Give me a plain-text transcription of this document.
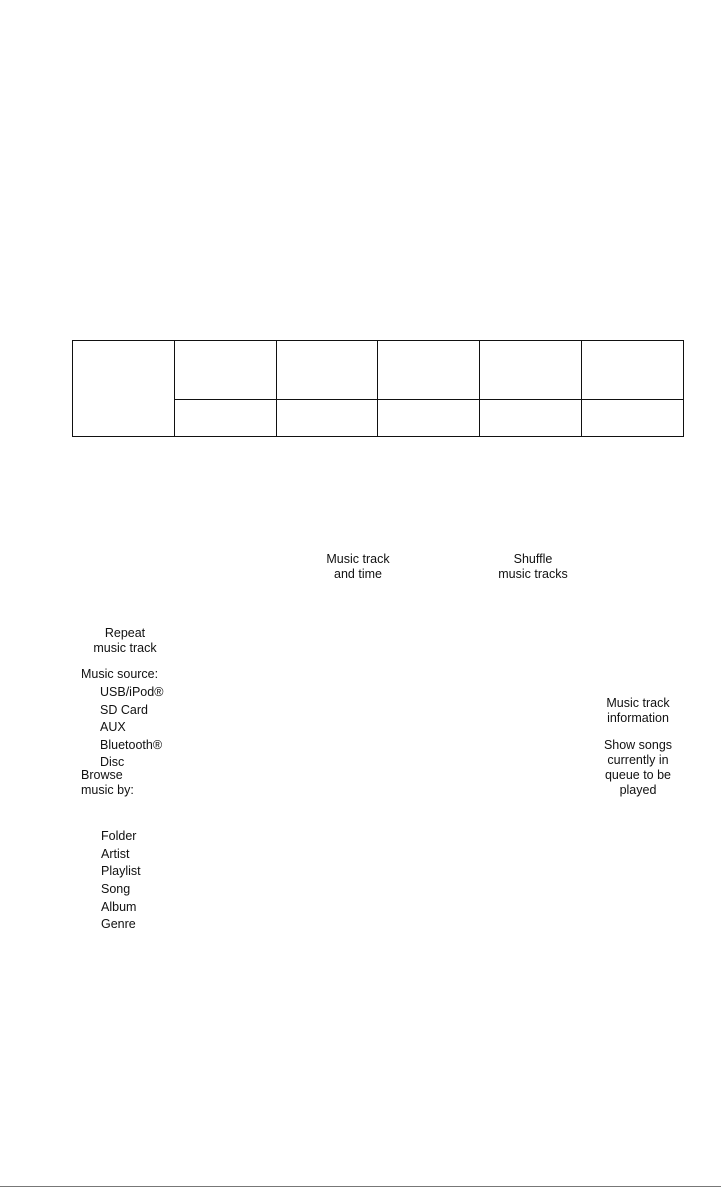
Music track
and time
Shuffle
music tracks
Repeat
music track
Music source:
USB/iPod®
SD Card
AUX
Bluetooth®
Disc
Browse
music by:
Folder
Artist
Playlist
Song
Album
Genre
Music track
information
Show songs
currently in
queue to be
played
